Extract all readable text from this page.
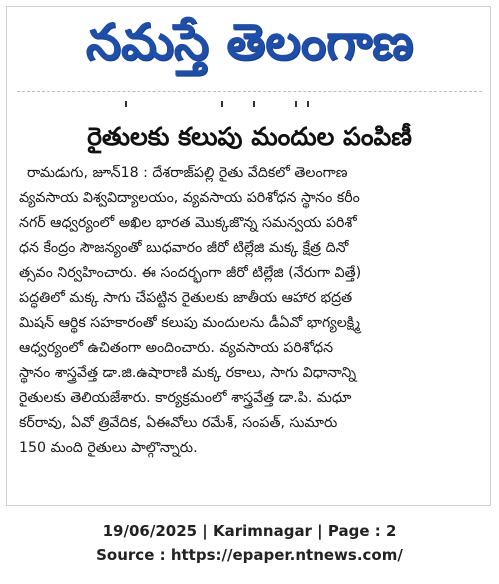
నమస్తే తెలంగాణ
రైతులకు కలుపు మందుల పంపిణీ
రామడుగు, జూన్18 : దేశరాజ్‌పల్లి రైతు వేదికలో తెలంగాణ
వ్యవసాయ విశ్వవిద్యాలయం, వ్యవసాయ పరిశోధన స్థానం కరీం
నగర్ ఆధ్వర్యంలో అఖిల భారత మొక్కజొన్న సమన్వయ పరిశో
ధన కేంద్రం సౌజన్యంతో బుధవారం జీరో టిల్లేజి మక్క క్షేత్ర దినో
త్సవం నిర్వహించారు. ఈ సందర్భంగా జీరో టిల్లేజి (నేరుగా విత్తే)
పద్ధతిలో మక్క సాగు చేపట్టిన రైతులకు జాతీయ ఆహార భద్రత
మిషన్ ఆర్థిక సహకారంతో కలుపు మందులను డీఏవో భాగ్యలక్ష్మి
ఆధ్వర్యంలో ఉచితంగా అందించారు. వ్యవసాయ పరిశోధన
స్థానం శాస్త్రవేత్త డా.జి.ఉషారాణి మక్క రకాలు, సాగు విధానాన్ని
రైతులకు తెలియజేశారు. కార్యక్రమంలో శాస్త్రవేత్త డా.పి. మధూ
కర్‌రావు, ఏవో త్రివేదిక, ఏఈవోలు రమేశ్, సంపత్, సుమారు
150 మంది రైతులు పాల్గొన్నారు.
19/06/2025 | Karimnagar | Page : 2
Source : https://epaper.ntnews.com/
